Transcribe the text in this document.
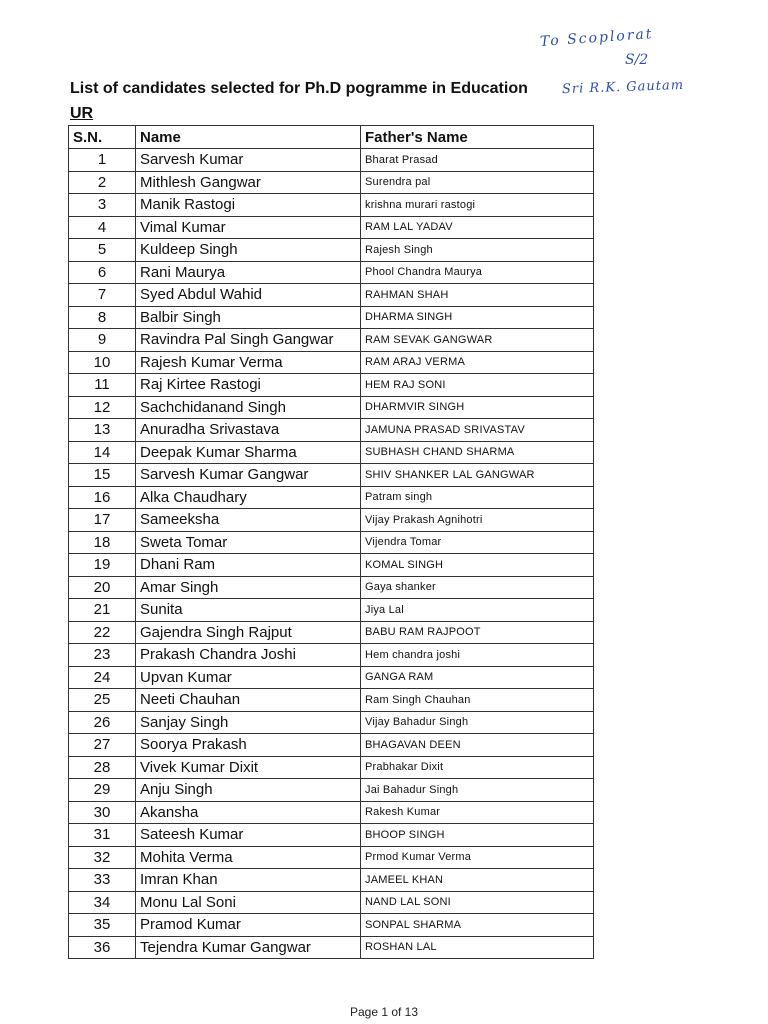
To Scoplorat
S/2
Sri R.K. Gautam
List of candidates selected for Ph.D pogramme in Education
UR
S.N.	Name	Father's Name
1	Sarvesh Kumar	Bharat Prasad
2	Mithlesh Gangwar	Surendra pal
3	Manik Rastogi	krishna murari rastogi
4	Vimal Kumar	RAM LAL YADAV
5	Kuldeep Singh	Rajesh Singh
6	Rani Maurya	Phool Chandra Maurya
7	Syed Abdul Wahid	RAHMAN SHAH
8	Balbir Singh	DHARMA SINGH
9	Ravindra Pal Singh Gangwar	RAM SEVAK GANGWAR
10	Rajesh Kumar Verma	RAM ARAJ VERMA
11	Raj Kirtee Rastogi	HEM RAJ SONI
12	Sachchidanand Singh	DHARMVIR SINGH
13	Anuradha Srivastava	JAMUNA PRASAD SRIVASTAV
14	Deepak Kumar Sharma	SUBHASH CHAND SHARMA
15	Sarvesh Kumar Gangwar	SHIV SHANKER LAL GANGWAR
16	Alka Chaudhary	Patram singh
17	Sameeksha	Vijay Prakash Agnihotri
18	Sweta Tomar	Vijendra Tomar
19	Dhani Ram	KOMAL SINGH
20	Amar Singh	Gaya shanker
21	Sunita	Jiya Lal
22	Gajendra Singh Rajput	BABU RAM RAJPOOT
23	Prakash Chandra Joshi	Hem chandra joshi
24	Upvan Kumar	GANGA RAM
25	Neeti Chauhan	Ram Singh Chauhan
26	Sanjay Singh	Vijay Bahadur Singh
27	Soorya Prakash	BHAGAVAN DEEN
28	Vivek Kumar Dixit	Prabhakar Dixit
29	Anju Singh	Jai Bahadur Singh
30	Akansha	Rakesh Kumar
31	Sateesh Kumar	BHOOP SINGH
32	Mohita Verma	Prmod Kumar Verma
33	Imran Khan	JAMEEL KHAN
34	Monu Lal Soni	NAND LAL SONI
35	Pramod Kumar	SONPAL SHARMA
36	Tejendra Kumar Gangwar	ROSHAN LAL
Page 1 of 13
